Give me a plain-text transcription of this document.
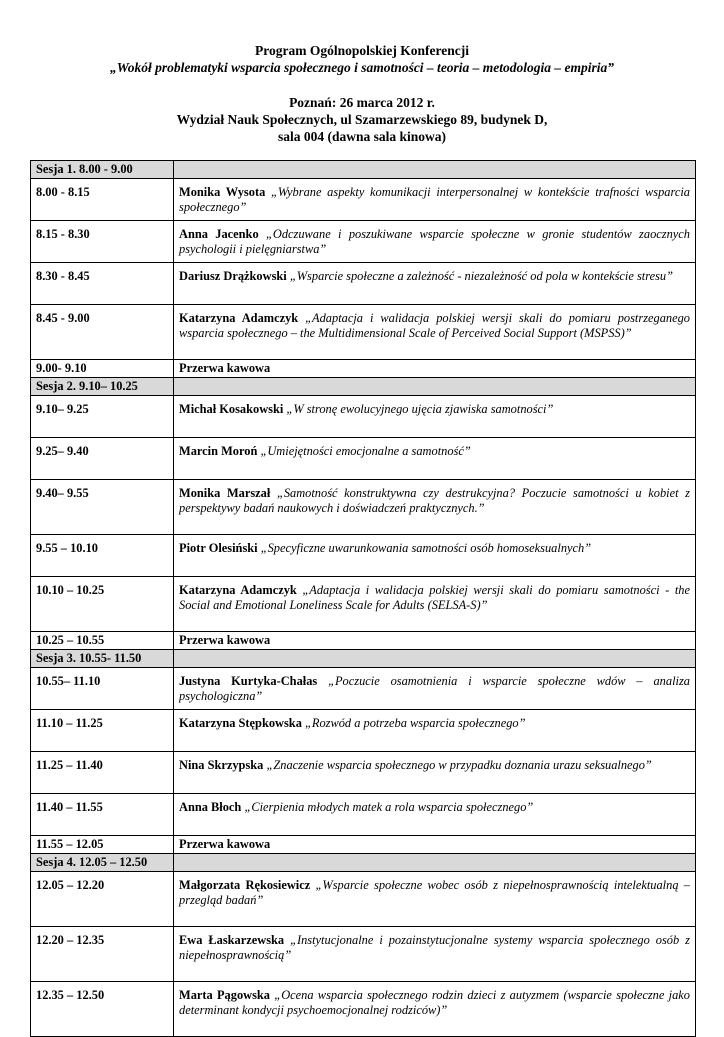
Program Ogólnopolskiej Konferencji
„Wokół problematyki wsparcia społecznego i samotności – teoria – metodologia – empiria”
Poznań: 26 marca 2012 r.
Wydział Nauk Społecznych, ul Szamarzewskiego 89, budynek D,
sala 004 (dawna sala kinowa)
Sesja 1. 8.00 - 9.00	
8.00 - 8.15	Monika Wysota „Wybrane aspekty komunikacji interpersonalnej w kontekście trafności wsparcia społecznego”
8.15 - 8.30	Anna Jacenko „Odczuwane i poszukiwane wsparcie społeczne w gronie studentów zaocznych psychologii i pielęgniarstwa”
8.30 - 8.45	Dariusz Drążkowski „Wsparcie społeczne a zależność - niezależność od pola w kontekście stresu”
8.45 - 9.00	Katarzyna Adamczyk „Adaptacja i walidacja polskiej wersji skali do pomiaru postrzeganego wsparcia społecznego – the Multidimensional Scale of Perceived Social Support (MSPSS)”
9.00- 9.10	Przerwa kawowa
Sesja 2. 9.10– 10.25	
9.10– 9.25	Michał Kosakowski „W stronę ewolucyjnego ujęcia zjawiska samotności”
9.25– 9.40	Marcin Moroń „Umiejętności emocjonalne a samotność”
9.40– 9.55	Monika Marszał „Samotność konstruktywna czy destrukcyjna? Poczucie samotności u kobiet z perspektywy badań naukowych i doświadczeń praktycznych.”
9.55 – 10.10	Piotr Olesiński „Specyficzne uwarunkowania samotności osób homoseksualnych”
10.10 – 10.25	Katarzyna Adamczyk „Adaptacja i walidacja polskiej wersji skali do pomiaru samotności - the Social and Emotional Loneliness Scale for Adults (SELSA-S)”
10.25 – 10.55	Przerwa kawowa
Sesja 3. 10.55- 11.50	
10.55– 11.10	Justyna Kurtyka-Chałas „Poczucie osamotnienia i wsparcie społeczne wdów – analiza psychologiczna”
11.10 – 11.25	Katarzyna Stępkowska „Rozwód a potrzeba wsparcia społecznego”
11.25 – 11.40	Nina Skrzypska „Znaczenie wsparcia społecznego w przypadku doznania urazu seksualnego”
11.40 – 11.55	Anna Błoch „Cierpienia młodych matek a rola wsparcia społecznego”
11.55 – 12.05	Przerwa kawowa
Sesja 4. 12.05 – 12.50	
12.05 – 12.20	Małgorzata Rękosiewicz „Wsparcie społeczne wobec osób z niepełnosprawnością intelektualną – przegląd badań”
12.20 – 12.35	Ewa Łaskarzewska „Instytucjonalne i pozainstytucjonalne systemy wsparcia społecznego osób z niepełnosprawnością”
12.35 – 12.50	Marta Pągowska „Ocena wsparcia społecznego rodzin dzieci z autyzmem (wsparcie społeczne jako determinant kondycji psychoemocjonalnej rodziców)”
